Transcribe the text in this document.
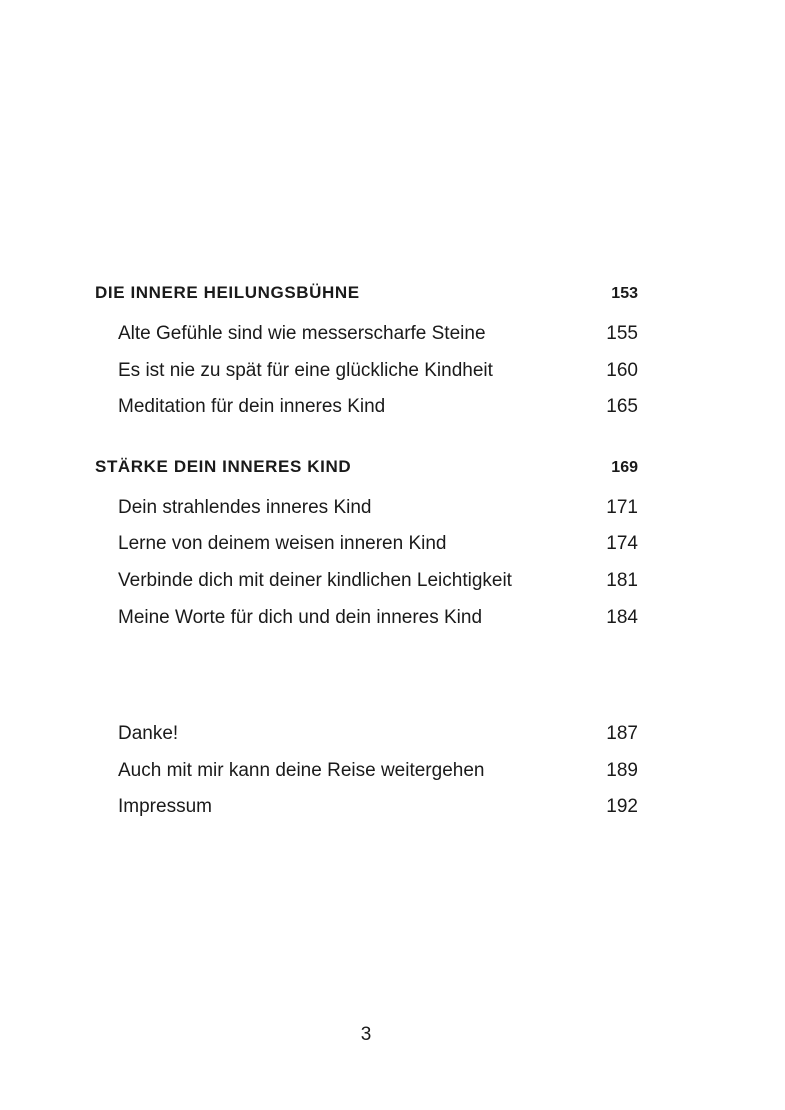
DIE INNERE HEILUNGSBÜHNE	153
Alte Gefühle sind wie messerscharfe Steine	155
Es ist nie zu spät für eine glückliche Kindheit	160
Meditation für dein inneres Kind	165
STÄRKE DEIN INNERES KIND	169
Dein strahlendes inneres Kind	171
Lerne von deinem weisen inneren Kind	174
Verbinde dich mit deiner kindlichen Leichtigkeit	181
Meine Worte für dich und dein inneres Kind	184
Danke!	187
Auch mit mir kann deine Reise weitergehen	189
Impressum	192
3
